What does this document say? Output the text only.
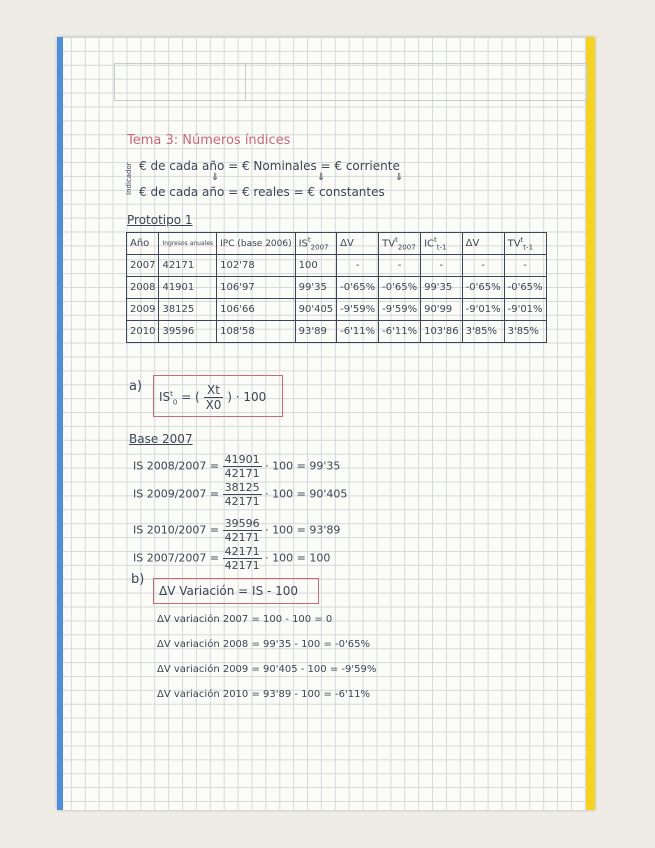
Tema 3: Números índices
Indicador € de cada año = € Nominales = € corriente
⇓	⇓	⇓
€ de cada año = € reales = € constantes
Prototipo 1
Año	Ingresos anuales	IPC (base 2006)	$IS^t_{2007}$	ΔV	$TV^t_{2007}$	$IC^t_{t-1}$	ΔV	$TV^t_{t-1}$
2007	42171	102'78	100	-	-	-	-	-
2008	41901	106'97	99'35	-0'65%	-0'65%	99'35	-0'65%	-0'65%
2009	38125	106'66	90'405	-9'59%	-9'59%	90'99	-9'01%	-9'01%
2010	39596	108'58	93'89	-6'11%	-6'11%	103'86	3'85%	3'85%
a)
$IS^t_0$ = ( $\frac{Xt}{X0}$ ) · 100
Base 2007
IS $2008/2007 = \frac{41901}{42171} \cdot 100 = 99'35$
IS $2009/2007 = \frac{38125}{42171} \cdot 100 = 90'405$
IS $2010/2007 = \frac{39596}{42171} \cdot 100 = 93'89$
IS $2007/2007 = \frac{42171}{42171} \cdot 100 = 100$
b)
ΔV Variación = IS - 100
ΔV variación 2007 = 100 - 100 = 0
ΔV variación 2008 = 99'35 - 100 = -0'65%
ΔV variación 2009 = 90'405 - 100 = -9'59%
ΔV variación 2010 = 93'89 - 100 = -6'11%
